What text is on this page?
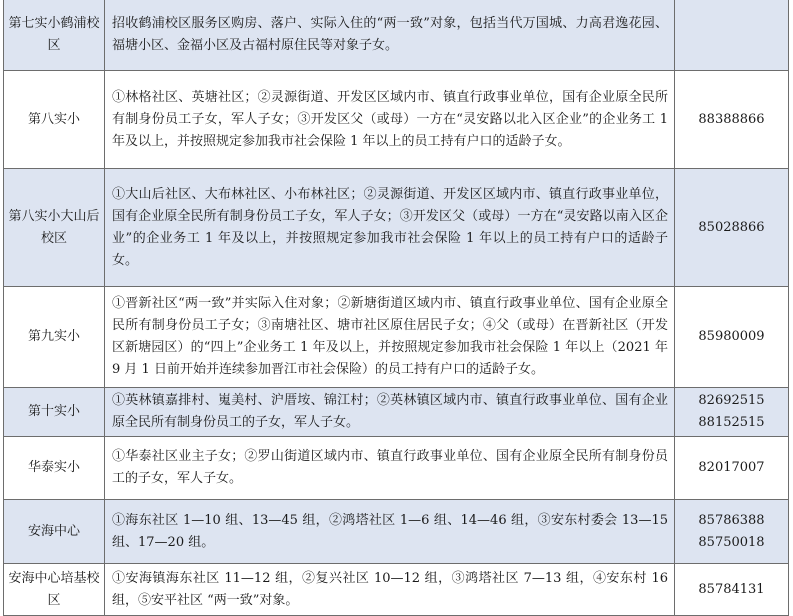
第七实小鹤浦校区	招收鹤浦校区服务区购房、落户、实际入住的“两一致”对象，包括当代万国城、力高君逸花园、福塘小区、金福小区及古福村原住民等对象子女。	
第八实小	①林格社区、英塘社区；②灵源街道、开发区区域内市、镇直行政事业单位，国有企业原全民所有制身份员工子女，军人子女；③开发区父（或母）一方在“灵安路以北入区企业”的企业务工 1 年及以上，并按照规定参加我市社会保险 1 年以上的员工持有户口的适龄子女。	88388866

第八实小大山后校区	①大山后社区、大布林社区、小布林社区；②灵源街道、开发区区域内市、镇直行政事业单位，国有企业原全民所有制身份员工子女，军人子女；③开发区父（或母）一方在“灵安路以南入区企业”的企业务工 1 年及以上，并按照规定参加我市社会保险 1 年以上的员工持有户口的适龄子女。	85028866

第九实小	①晋新社区“两一致”并实际入住对象；②新塘街道区域内市、镇直行政事业单位、国有企业原全民所有制身份员工子女；③南塘社区、塘市社区原住居民子女；④父（或母）在晋新社区（开发区新塘园区）的“四上”企业务工 1 年及以上，并按照规定参加我市社会保险 1 年以上（2021 年 9 月 1 日前开始并连续参加晋江市社会保险）的员工持有户口的适龄子女。	85980009

第十实小	①英林镇嘉排村、嵬美村、沪厝垵、锦江村；②英林镇区域内市、镇直行政事业单位、国有企业原全民所有制身份员工的子女，军人子女。	82692515
88152515

华泰实小	①华泰社区业主子女；②罗山街道区域内市、镇直行政事业单位、国有企业原全民所有制身份员工的子女，军人子女。	82017007

安海中心	①海东社区 1—10 组、13—45 组，②鸿塔社区 1—6 组、14—46 组，③安东村委会 13—15 组、17—20 组。	85786388
85750018

安海中心培基校区	①安海镇海东社区 11—12 组，②复兴社区 10—12 组，③鸿塔社区 7—13 组，④安东村 16 组，⑤安平社区 “两一致”对象。	85784131
